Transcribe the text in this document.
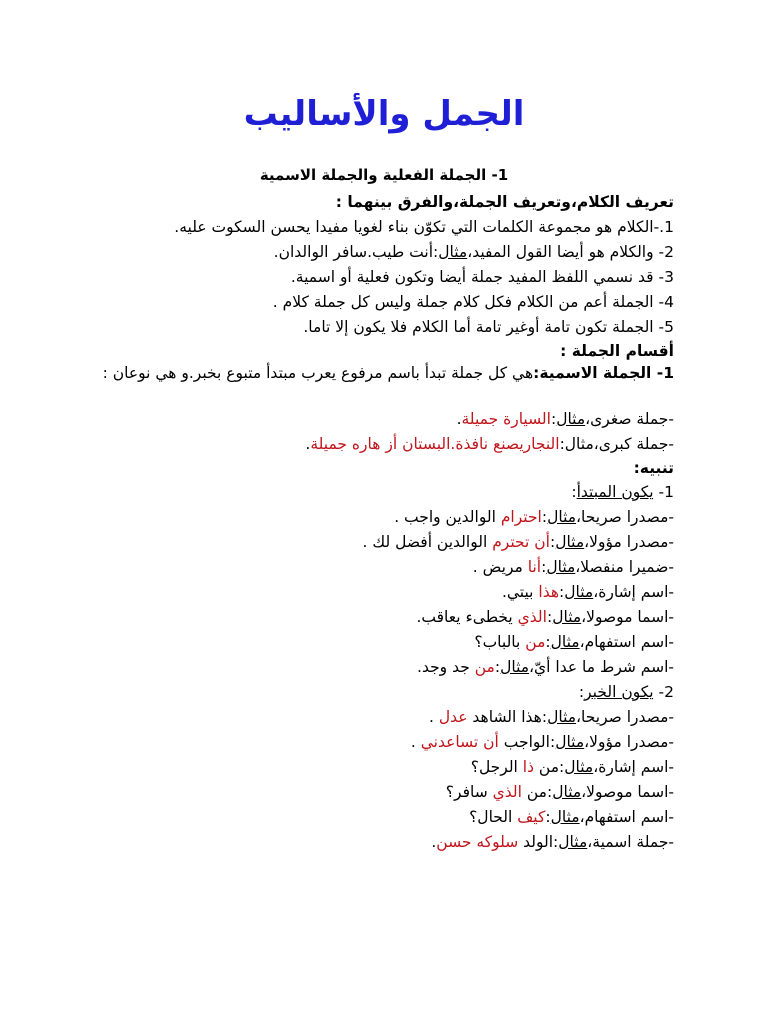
الجمل والأساليب
1- الجملة الفعلية والجملة الاسمية
تعريف الكلام،وتعريف الجملة،والفرق بينهما :
1.-الكلام هو مجموعة الكلمات التي تكوّن بناء لغويا مفيدا يحسن السكوت عليه.
2- والكلام هو أيضا القول المفيد،مثال:أنت طيب.سافر الوالدان.
3- قد نسمي اللفظ المفيد جملة أيضا وتكون فعلية أو اسمية.
4- الجملة أعم من الكلام فكل كلام جملة وليس كل جملة كلام .
5- الجملة تكون تامة أوغير تامة أما الكلام فلا يكون إلا تاما.
أقسام الجملة :
1- الجملة الاسمية:هي كل جملة تبدأ باسم مرفوع يعرب مبتدأ متبوع بخبر.و هي نوعان :
-جملة صغرى،مثال:السيارة جميلة.
-جملة كبرى،مثال:النجاريصنع نافذة.البستان أز هاره جميلة.
تنبيه:
1- يكون المبتدأ:
-مصدرا صريحا،مثال:احترام الوالدين واجب .
-مصدرا مؤولا،مثال:أن تحترم الوالدين أفضل لك .
-ضميرا منفصلا،مثال:أنا مريض .
-اسم إشارة،مثال:هذا بيتي.
-اسما موصولا،مثال:الذي يخطىء يعاقب.
-اسم استفهام،مثال:من بالباب؟
-اسم شرط ما عدا أيّ،مثال:من جد وجد.
2- يكون الخبر:
-مصدرا صريحا،مثال:هذا الشاهد عدل .
-مصدرا مؤولا،مثال:الواجب أن تساعدني .
-اسم إشارة،مثال:من ذا الرجل؟
-اسما موصولا،مثال:من الذي سافر؟
-اسم استفهام،مثال:كيف الحال؟
-جملة اسمية،مثال:الولد سلوكه حسن.
